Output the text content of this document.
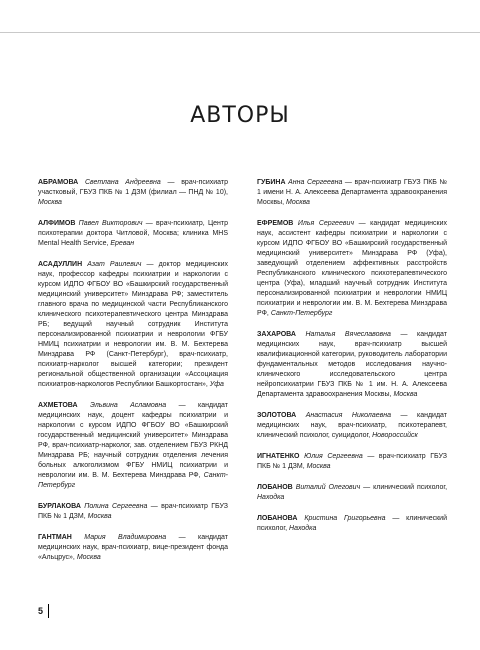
АВТОРЫ

АБРАМОВА Светлана Андреевна — врач-психиатр участковый, ГБУЗ ПКБ № 1 ДЗМ (филиал — ПНД № 10), Москва

АЛФИМОВ Павел Викторович — врач-психиатр, Центр психотерапии доктора Читловой, Москва; клиника MHS Mental Health Service, Ереван

АСАДУЛЛИН Азат Раилевич — доктор медицинских наук, профессор кафедры психиатрии и наркологии с курсом ИДПО ФГБОУ ВО «Башкирский государственный медицинский университет» Минздрава РФ; заместитель главного врача по медицинской части Республиканского клинического психотерапевтического центра Минздрава РБ; ведущий научный сотрудник Института персонализированной психиатрии и неврологии ФГБУ НМИЦ психиатрии и неврологии им. В. М. Бехтерева Минздрава РФ (Санкт-Петербург), врач-психиатр, психиатр-нарколог высшей категории; президент региональной общественной организации «Ассоциация психиатров-наркологов Республики Башкортостан», Уфа

АХМЕТОВА Эльвина Асламовна — кандидат медицинских наук, доцент кафедры психиатрии и наркологии с курсом ИДПО ФГБОУ ВО «Башкирский государственный медицинский университет» Минздрава РФ, врач-психиатр-нарколог, зав. отделением ГБУЗ РКНД Минздрава РБ; научный сотрудник отделения лечения больных алкоголизмом ФГБУ НМИЦ психиатрии и неврологии им. В. М. Бехтерева Минздрава РФ, Санкт-Петербург

БУРЛАКОВА Полина Сергеевна — врач-психиатр ГБУЗ ПКБ № 1 ДЗМ, Москва

ГАНТМАН Мария Владимировна — кандидат медицинских наук, врач-психиатр, вице-президент фонда «Альцрус», Москва

ГУБИНА Анна Сергеевна — врач-психиатр ГБУЗ ПКБ № 1 имени Н. А. Алексеева Департамента здравоохранения Москвы, Москва

ЕФРЕМОВ Илья Сергеевич — кандидат медицинских наук, ассистент кафедры психиатрии и наркологии с курсом ИДПО ФГБОУ ВО «Башкирский государственный медицинский университет» Минздрава РФ (Уфа), заведующий отделением аффективных расстройств Республиканского клинического психотерапевтического центра (Уфа), младший научный сотрудник Института персонализированной психиатрии и неврологии НМИЦ психиатрии и неврологии им. В. М. Бехтерева Минздрава РФ, Санкт-Петербург

ЗАХАРОВА Наталья Вячеславовна — кандидат медицинских наук, врач-психиатр высшей квалификационной категории, руководитель лаборатории фундаментальных методов исследования научно-клинического исследовательского центра нейропсихиатрии ГБУЗ ПКБ № 1 им. Н. А. Алексеева Департамента здравоохранения Москвы, Москва

ЗОЛОТОВА Анастасия Николаевна — кандидат медицинских наук, врач-психиатр, психотерапевт, клинический психолог, суицидолог, Новороссийск

ИГНАТЕНКО Юлия Сергеевна — врач-психиатр ГБУЗ ПКБ № 1 ДЗМ, Москва

ЛОБАНОВ Виталий Олегович — клинический психолог, Находка

ЛОБАНОВА Кристина Григорьевна — клинический психолог, Находка

5
